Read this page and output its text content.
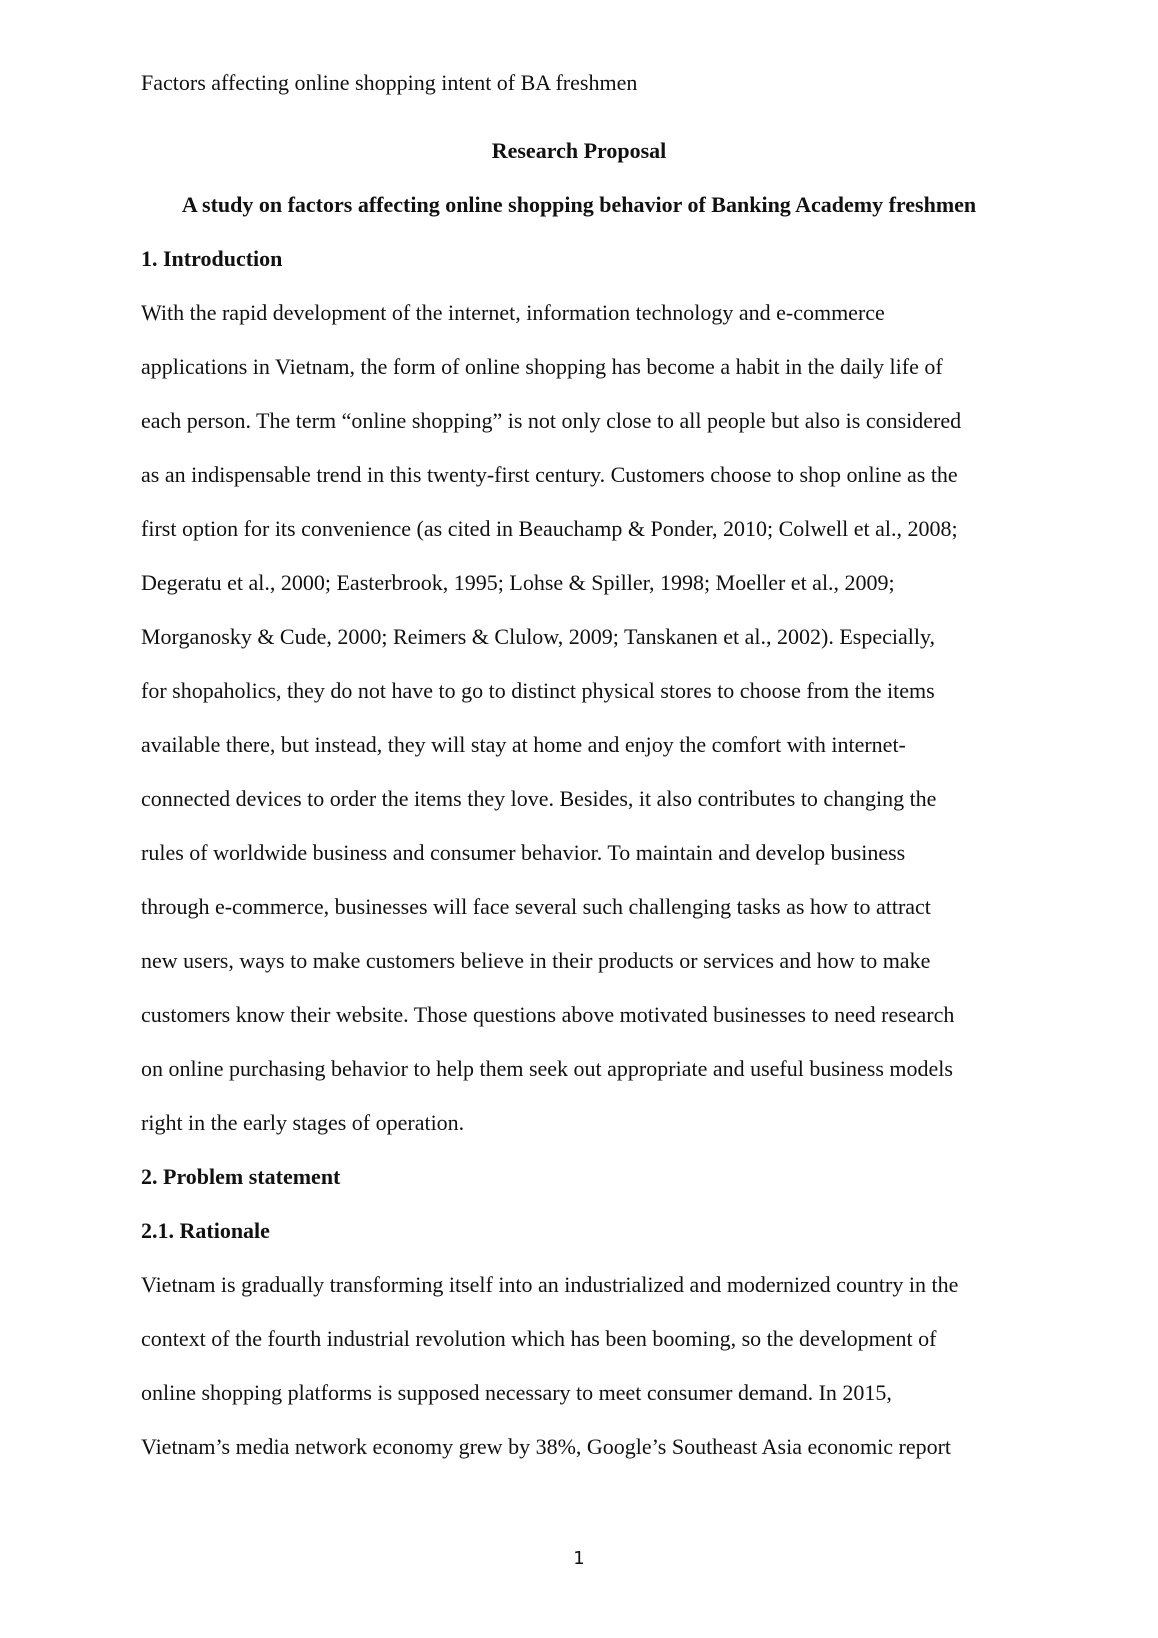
Factors affecting online shopping intent of BA freshmen
Research Proposal
A study on factors affecting online shopping behavior of Banking Academy freshmen
1. Introduction
With the rapid development of the internet, information technology and e-commerce
applications in Vietnam, the form of online shopping has become a habit in the daily life of
each person. The term “online shopping” is not only close to all people but also is considered
as an indispensable trend in this twenty-first century. Customers choose to shop online as the
first option for its convenience (as cited in Beauchamp & Ponder, 2010; Colwell et al., 2008;
Degeratu et al., 2000; Easterbrook, 1995; Lohse & Spiller, 1998; Moeller et al., 2009;
Morganosky & Cude, 2000; Reimers & Clulow, 2009; Tanskanen et al., 2002). Especially,
for shopaholics, they do not have to go to distinct physical stores to choose from the items
available there, but instead, they will stay at home and enjoy the comfort with internet-
connected devices to order the items they love. Besides, it also contributes to changing the
rules of worldwide business and consumer behavior. To maintain and develop business
through e-commerce, businesses will face several such challenging tasks as how to attract
new users, ways to make customers believe in their products or services and how to make
customers know their website. Those questions above motivated businesses to need research
on online purchasing behavior to help them seek out appropriate and useful business models
right in the early stages of operation.
2. Problem statement
2.1. Rationale
Vietnam is gradually transforming itself into an industrialized and modernized country in the
context of the fourth industrial revolution which has been booming, so the development of
online shopping platforms is supposed necessary to meet consumer demand. In 2015,
Vietnam’s media network economy grew by 38%, Google’s Southeast Asia economic report
1
